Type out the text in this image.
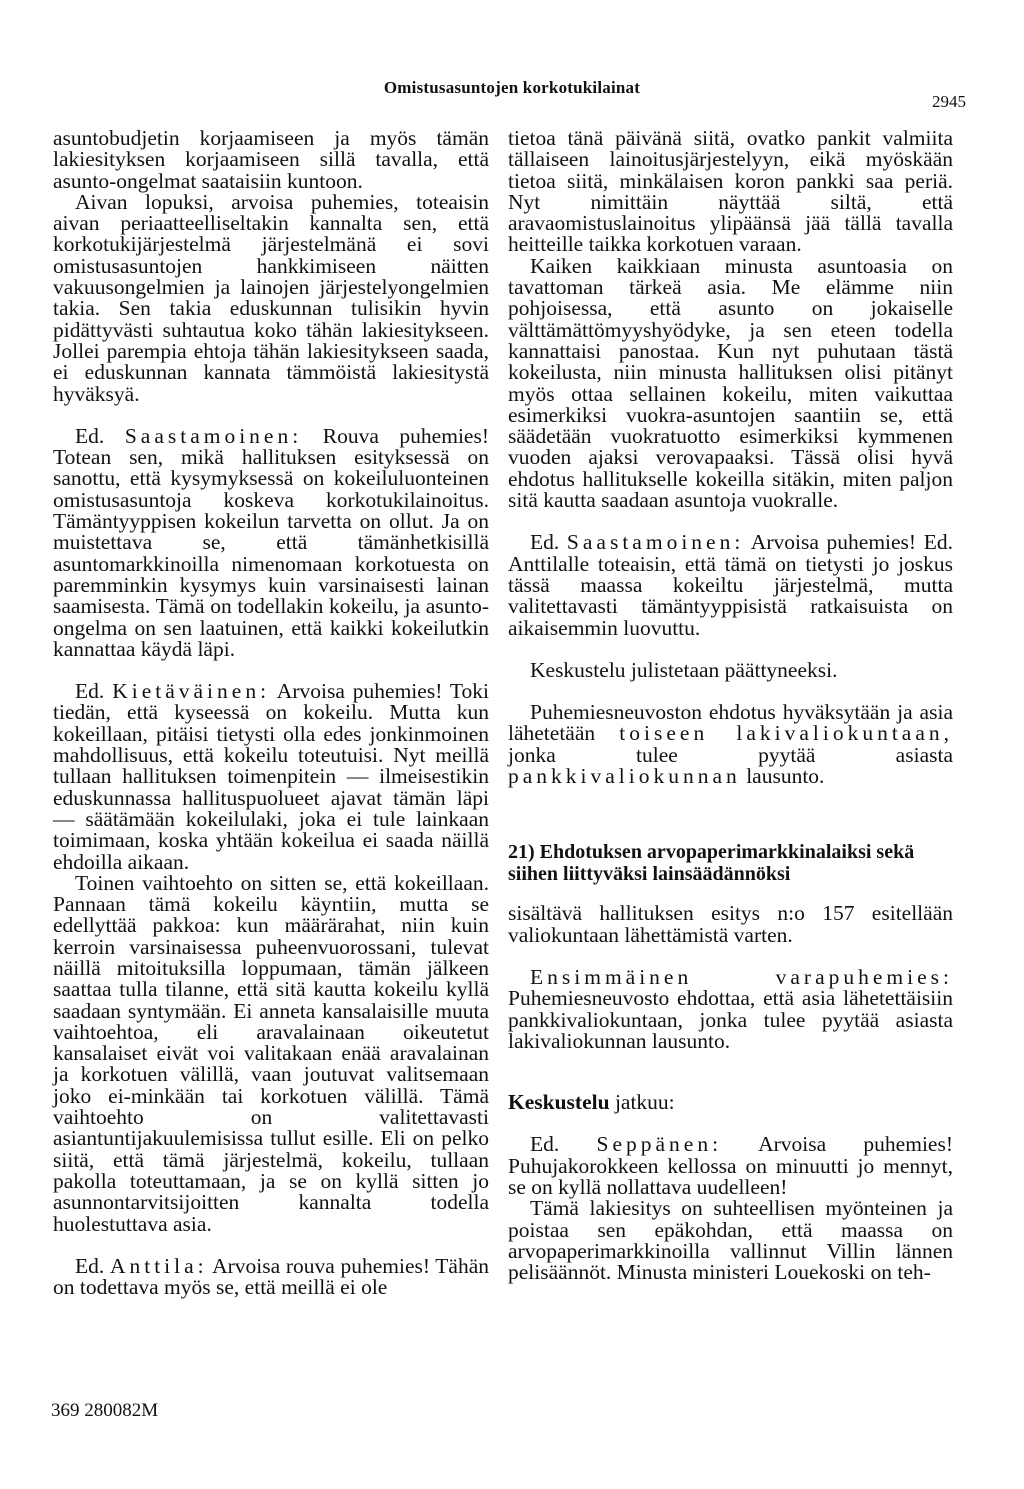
Omistusasuntojen korkotukilainat
2945

asuntobudjetin korjaamiseen ja myös tämän lakiesityksen korjaamiseen sillä tavalla, että asunto-ongelmat saataisiin kuntoon.

Aivan lopuksi, arvoisa puhemies, toteaisin aivan periaatteelliseltakin kannalta sen, että korkotukijärjestelmä järjestelmänä ei sovi omistusasuntojen hankkimiseen näitten vakuusongelmien ja lainojen järjestelyongelmien takia. Sen takia eduskunnan tulisikin hyvin pidättyvästi suhtautua koko tähän lakiesitykseen. Jollei parempia ehtoja tähän lakiesitykseen saada, ei eduskunnan kannata tämmöistä lakiesitystä hyväksyä.

Ed. Saastamoinen: Rouva puhemies! Totean sen, mikä hallituksen esityksessä on sanottu, että kysymyksessä on kokeiluluonteinen omistusasuntoja koskeva korkotukilainoitus. Tämäntyyppisen kokeilun tarvetta on ollut. Ja on muistettava se, että tämänhetkisillä asuntomarkkinoilla nimenomaan korkotuesta on paremminkin kysymys kuin varsinaisesti lainan saamisesta. Tämä on todellakin kokeilu, ja asunto-ongelma on sen laatuinen, että kaikki kokeilutkin kannattaa käydä läpi.

Ed. Kietäväinen: Arvoisa puhemies! Toki tiedän, että kyseessä on kokeilu. Mutta kun kokeillaan, pitäisi tietysti olla edes jonkinmoinen mahdollisuus, että kokeilu toteutuisi. Nyt meillä tullaan hallituksen toimenpitein — ilmeisestikin eduskunnassa hallituspuolueet ajavat tämän läpi — säätämään kokeilulaki, joka ei tule lainkaan toimimaan, koska yhtään kokeilua ei saada näillä ehdoilla aikaan.

Toinen vaihtoehto on sitten se, että kokeillaan. Pannaan tämä kokeilu käyntiin, mutta se edellyttää pakkoa: kun määrärahat, niin kuin kerroin varsinaisessa puheenvuorossani, tulevat näillä mitoituksilla loppumaan, tämän jälkeen saattaa tulla tilanne, että sitä kautta kokeilu kyllä saadaan syntymään. Ei anneta kansalaisille muuta vaihtoehtoa, eli aravalainaan oikeutetut kansalaiset eivät voi valitakaan enää aravalainan ja korkotuen välillä, vaan joutuvat valitsemaan joko ei-minkään tai korkotuen välillä. Tämä vaihtoehto on valitettavasti asiantuntijakuulemisissa tullut esille. Eli on pelko siitä, että tämä järjestelmä, kokeilu, tullaan pakolla toteuttamaan, ja se on kyllä sitten jo asunnontarvitsijoitten kannalta todella huolestuttava asia.

Ed. Anttila: Arvoisa rouva puhemies! Tähän on todettava myös se, että meillä ei ole

tietoa tänä päivänä siitä, ovatko pankit valmiita tällaiseen lainoitusjärjestelyyn, eikä myöskään tietoa siitä, minkälaisen koron pankki saa periä. Nyt nimittäin näyttää siltä, että aravaomistuslainoitus ylipäänsä jää tällä tavalla heitteille taikka korkotuen varaan.

Kaiken kaikkiaan minusta asuntoasia on tavattoman tärkeä asia. Me elämme niin pohjoisessa, että asunto on jokaiselle välttämättömyyshyödyke, ja sen eteen todella kannattaisi panostaa. Kun nyt puhutaan tästä kokeilusta, niin minusta hallituksen olisi pitänyt myös ottaa sellainen kokeilu, miten vaikuttaa esimerkiksi vuokra-asuntojen saantiin se, että säädetään vuokratuotto esimerkiksi kymmenen vuoden ajaksi verovapaaksi. Tässä olisi hyvä ehdotus hallitukselle kokeilla sitäkin, miten paljon sitä kautta saadaan asuntoja vuokralle.

Ed. Saastamoinen: Arvoisa puhemies! Ed. Anttilalle toteaisin, että tämä on tietysti jo joskus tässä maassa kokeiltu järjestelmä, mutta valitettavasti tämäntyyppisistä ratkaisuista on aikaisemmin luovuttu.

Keskustelu julistetaan päättyneeksi.

Puhemiesneuvoston ehdotus hyväksytään ja asia lähetetään toiseen lakivaliokuntaan, jonka tulee pyytää asiasta pankkivaliokunnan lausunto.

21) Ehdotuksen arvopaperimarkkinalaiksi sekä siihen liittyväksi lainsäädännöksi

sisältävä hallituksen esitys n:o 157 esitellään valiokuntaan lähettämistä varten.

Ensimmäinen varapuhemies: Puhemiesneuvosto ehdottaa, että asia lähetettäisiin pankkivaliokuntaan, jonka tulee pyytää asiasta lakivaliokunnan lausunto.

Keskustelu jatkuu:

Ed. Seppänen: Arvoisa puhemies! Puhujakorokkeen kellossa on minuutti jo mennyt, se on kyllä nollattava uudelleen!

Tämä lakiesitys on suhteellisen myönteinen ja poistaa sen epäkohdan, että maassa on arvopaperimarkkinoilla vallinnut Villin lännen pelisäännöt. Minusta ministeri Louekoski on teh-

369 280082M
